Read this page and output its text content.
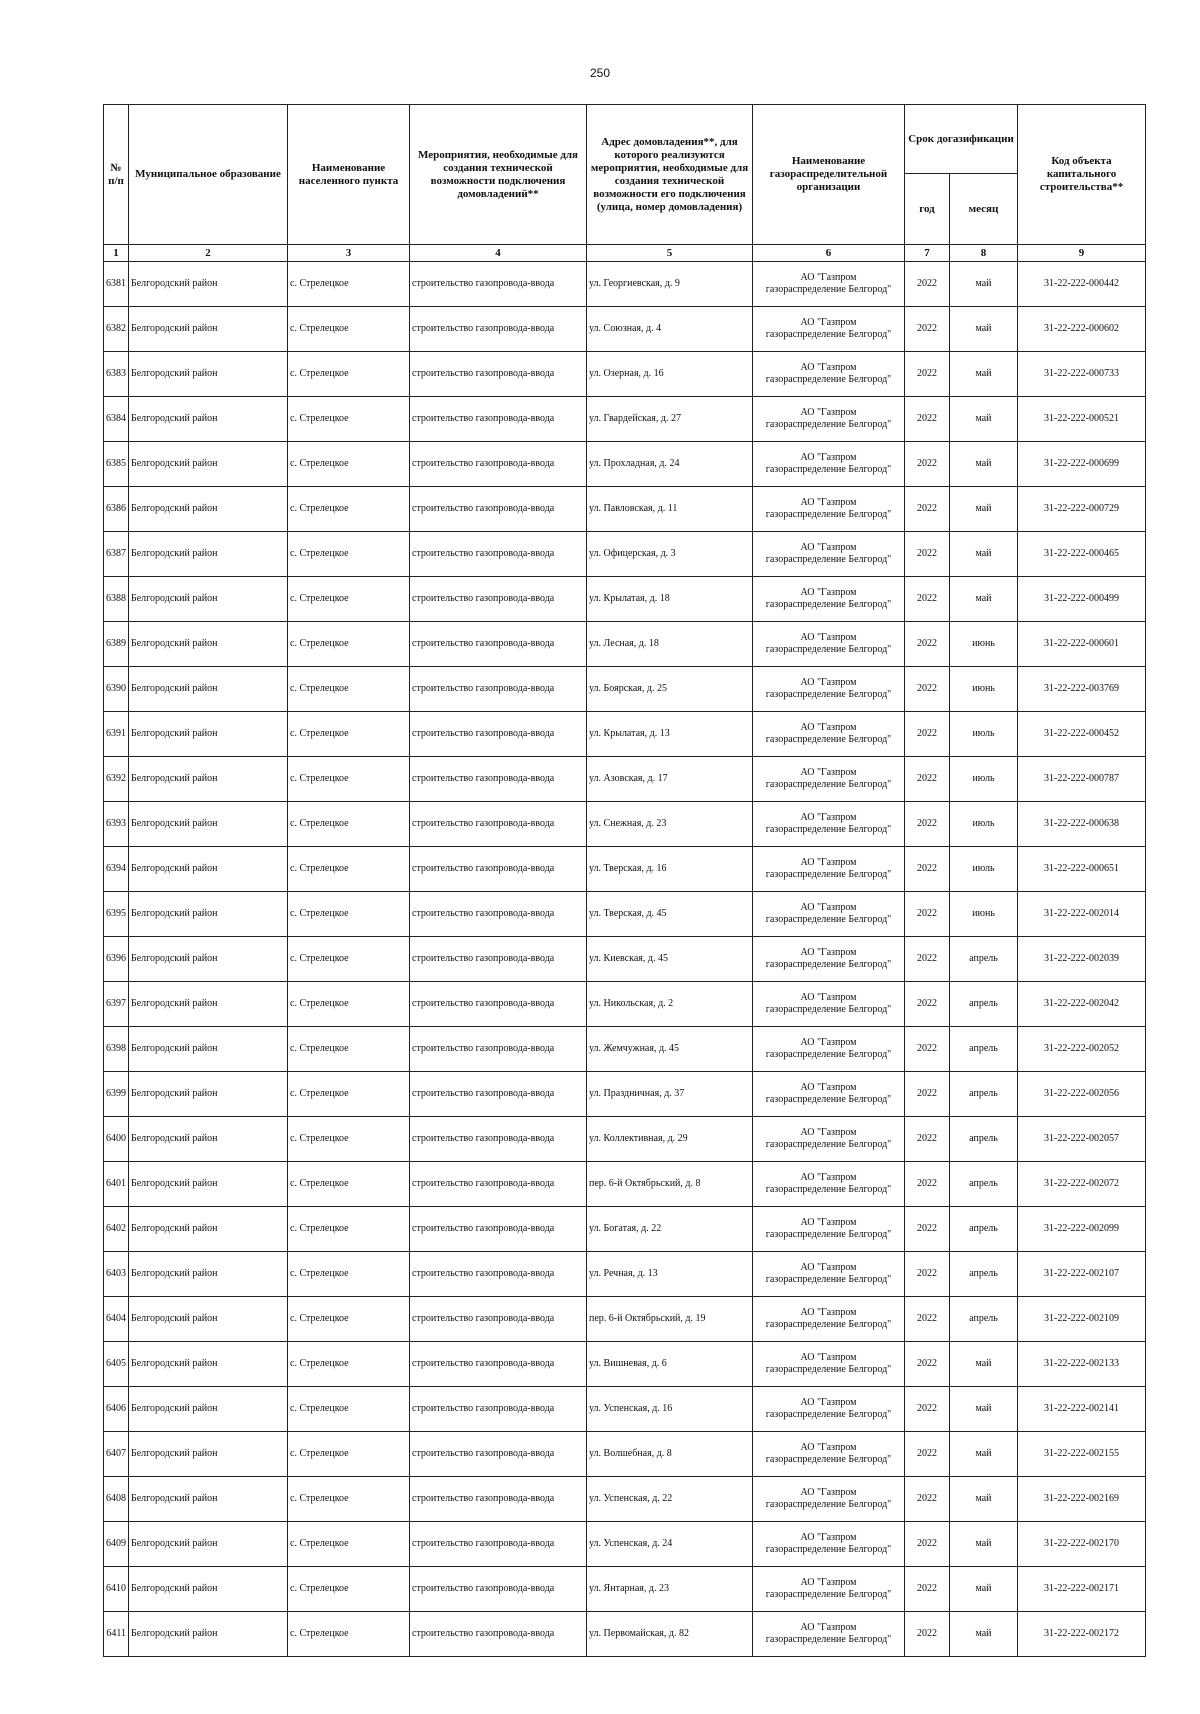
250
№ п/п	Муниципальное образование	Наименование населенного пункта	Мероприятия, необходимые для создания технической возможности подключения домовладений**	Адрес домовладения**, для которого реализуются мероприятия, необходимые для создания технической возможности его подключения (улица, номер домовладения)	Наименование газораспределительной организации	Срок догазификации		Код объекта капитального строительства**
						год	месяц	
1	2	3	4	5	6	7	8	9
6381	Белгородский район	с. Стрелецкое	строительство газопровода-ввода	ул. Георгиевская, д. 9	АО "Газпром
газораспределение Белгород"	2022	май	31-22-222-000442
6382	Белгородский район	с. Стрелецкое	строительство газопровода-ввода	ул. Союзная, д. 4	АО "Газпром
газораспределение Белгород"	2022	май	31-22-222-000602
6383	Белгородский район	с. Стрелецкое	строительство газопровода-ввода	ул. Озерная, д. 16	АО "Газпром
газораспределение Белгород"	2022	май	31-22-222-000733
6384	Белгородский район	с. Стрелецкое	строительство газопровода-ввода	ул. Гвардейская, д. 27	АО "Газпром
газораспределение Белгород"	2022	май	31-22-222-000521
6385	Белгородский район	с. Стрелецкое	строительство газопровода-ввода	ул. Прохладная, д. 24	АО "Газпром
газораспределение Белгород"	2022	май	31-22-222-000699
6386	Белгородский район	с. Стрелецкое	строительство газопровода-ввода	ул. Павловская, д. 11	АО "Газпром
газораспределение Белгород"	2022	май	31-22-222-000729
6387	Белгородский район	с. Стрелецкое	строительство газопровода-ввода	ул. Офицерская, д. 3	АО "Газпром
газораспределение Белгород"	2022	май	31-22-222-000465
6388	Белгородский район	с. Стрелецкое	строительство газопровода-ввода	ул. Крылатая, д. 18	АО "Газпром
газораспределение Белгород"	2022	май	31-22-222-000499
6389	Белгородский район	с. Стрелецкое	строительство газопровода-ввода	ул. Лесная, д. 18	АО "Газпром
газораспределение Белгород"	2022	июнь	31-22-222-000601
6390	Белгородский район	с. Стрелецкое	строительство газопровода-ввода	ул. Боярская, д. 25	АО "Газпром
газораспределение Белгород"	2022	июнь	31-22-222-003769
6391	Белгородский район	с. Стрелецкое	строительство газопровода-ввода	ул. Крылатая, д. 13	АО "Газпром
газораспределение Белгород"	2022	июль	31-22-222-000452
6392	Белгородский район	с. Стрелецкое	строительство газопровода-ввода	ул. Азовская, д. 17	АО "Газпром
газораспределение Белгород"	2022	июль	31-22-222-000787
6393	Белгородский район	с. Стрелецкое	строительство газопровода-ввода	ул. Снежная, д. 23	АО "Газпром
газораспределение Белгород"	2022	июль	31-22-222-000638
6394	Белгородский район	с. Стрелецкое	строительство газопровода-ввода	ул. Тверская, д. 16	АО "Газпром
газораспределение Белгород"	2022	июль	31-22-222-000651
6395	Белгородский район	с. Стрелецкое	строительство газопровода-ввода	ул. Тверская, д. 45	АО "Газпром
газораспределение Белгород"	2022	июнь	31-22-222-002014
6396	Белгородский район	с. Стрелецкое	строительство газопровода-ввода	ул. Киевская, д. 45	АО "Газпром
газораспределение Белгород"	2022	апрель	31-22-222-002039
6397	Белгородский район	с. Стрелецкое	строительство газопровода-ввода	ул. Никольская, д. 2	АО "Газпром
газораспределение Белгород"	2022	апрель	31-22-222-002042
6398	Белгородский район	с. Стрелецкое	строительство газопровода-ввода	ул. Жемчужная, д. 45	АО "Газпром
газораспределение Белгород"	2022	апрель	31-22-222-002052
6399	Белгородский район	с. Стрелецкое	строительство газопровода-ввода	ул. Праздничная, д. 37	АО "Газпром
газораспределение Белгород"	2022	апрель	31-22-222-002056
6400	Белгородский район	с. Стрелецкое	строительство газопровода-ввода	ул. Коллективная, д. 29	АО "Газпром
газораспределение Белгород"	2022	апрель	31-22-222-002057
6401	Белгородский район	с. Стрелецкое	строительство газопровода-ввода	пер. 6-й Октябрьский, д. 8	АО "Газпром
газораспределение Белгород"	2022	апрель	31-22-222-002072
6402	Белгородский район	с. Стрелецкое	строительство газопровода-ввода	ул. Богатая, д. 22	АО "Газпром
газораспределение Белгород"	2022	апрель	31-22-222-002099
6403	Белгородский район	с. Стрелецкое	строительство газопровода-ввода	ул. Речная, д. 13	АО "Газпром
газораспределение Белгород"	2022	апрель	31-22-222-002107
6404	Белгородский район	с. Стрелецкое	строительство газопровода-ввода	пер. 6-й Октябрьский, д. 19	АО "Газпром
газораспределение Белгород"	2022	апрель	31-22-222-002109
6405	Белгородский район	с. Стрелецкое	строительство газопровода-ввода	ул. Вишневая, д. 6	АО "Газпром
газораспределение Белгород"	2022	май	31-22-222-002133
6406	Белгородский район	с. Стрелецкое	строительство газопровода-ввода	ул. Успенская, д. 16	АО "Газпром
газораспределение Белгород"	2022	май	31-22-222-002141
6407	Белгородский район	с. Стрелецкое	строительство газопровода-ввода	ул. Волшебная, д. 8	АО "Газпром
газораспределение Белгород"	2022	май	31-22-222-002155
6408	Белгородский район	с. Стрелецкое	строительство газопровода-ввода	ул. Успенская, д. 22	АО "Газпром
газораспределение Белгород"	2022	май	31-22-222-002169
6409	Белгородский район	с. Стрелецкое	строительство газопровода-ввода	ул. Успенская, д. 24	АО "Газпром
газораспределение Белгород"	2022	май	31-22-222-002170
6410	Белгородский район	с. Стрелецкое	строительство газопровода-ввода	ул. Янтарная, д. 23	АО "Газпром
газораспределение Белгород"	2022	май	31-22-222-002171
6411	Белгородский район	с. Стрелецкое	строительство газопровода-ввода	ул. Первомайская, д. 82	АО "Газпром
газораспределение Белгород"	2022	май	31-22-222-002172
